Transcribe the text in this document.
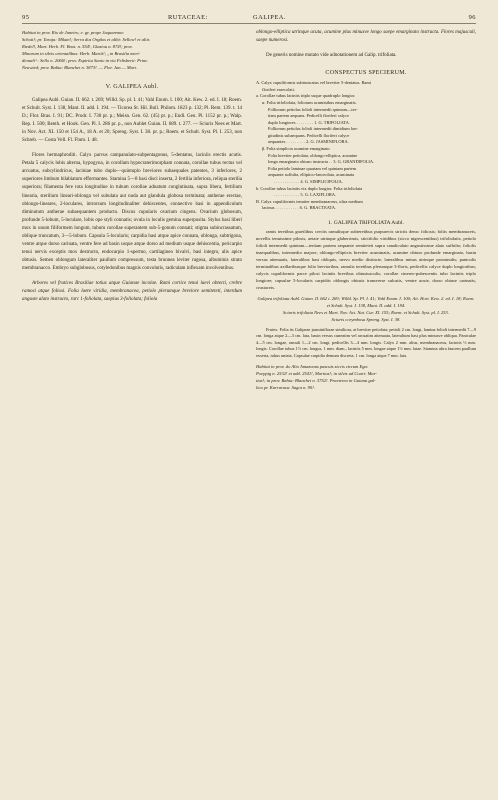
95	RUTACEAE:	GALIPEA.	96
Habitat in prov. Rio de Janeiro, e. gr. prope Jaquarema:
Schott!; pr. Taruja: Mikan!; Serra dos Orgãos et alibi: Sellow! et aliis
Riedel!, Mart. Herb. Fl. Bras. n. 554!, Glaziou n. 874!; prov.
Minarum in silvis orientalibus: Herb. Martii!; „in Brasilia meri-
dionali“: Sello n. 2066!; prov. Espiritu Santo in via Felisberti: Princ.
Neuwied; prov. Bahia: Blanchet n. 3873!. — Flor. Jan.— Mart.
V. GALIPEA Aubl.

Galipea Aubl. Guian. II. 662. t. 269; Willd. Sp. pl. I. 41; Vahl Enum. I. 100; Ait. Kew. 2. ed. I. 18; Roem. et Schult. Syst. I. 138, Mant. II. add. I. 194. — Ticorea St. Hil. Bull. Philom. 1823 p. 132; Pl. Rem. 139. t. 14 D.; Flor. Bras. I. 91; DC. Prodr. I. 730 pr. p.; Meisn. Gen. 62. (45) pr. p.; Endl. Gen. Pl. 1152 pr. p.; Walp. Rep. I. 500; Benth. et Hook. Gen. Pl. I. 286 pr. p., non Aublet Guian. II. 689. t. 277. — Sciuris Nees et Mart. in Nov. Act. XI. 150 et 154 A., 18 A. et 20; Spreng. Syst. I. 38. pr. p.; Roem. et Schult. Syst. Pl. I. 253, non Schreb. — Costa Vell. Fl. Flum. I. 48.

Flores hermaphroditi. Calyx parvus campanulato-subpentagonus, 5-dentatus, laciniis erectis acutis. Petala 5 calycis lobis alterna, hypogyna, in corollam hypocraterimorpham connata, corollae tubus rectus vel arcuatus, subcylindricus, laciniae tubo duplo—quintuplo breviores subaequales patentes, 3 inferiores, 2 superiores limbum bilabiatum efformantes. Stamina 5—8 basi disci inserta, 2 fertilia inferiora, reliqua sterilia superiora; filamenta fere tota longitudine in tubum corollae adnatum conglutinata, supra libera, fertilium linearia, sterilium lineari-oblonga vel subulata aut nuda aut glandula globosa terminata; antherae erectae, oblongo-lineares, 2-loculares, introrsum longitudinaliter dehiscentes, connectivo basi in appendiculum diminutum antherae subaequantem producto. Discus cupularis ovarium cingens. Ovarium globosum, profunde 5-lobum, 5-loculare, lobis ope styli connatis; ovula in loculis gemina superposita. Stylus basi liberi mox in unum filiformem longum, tubum corollae superantem sub-5-gonum connati; stigma subincrassatum, oblique truncatum, 3—5-lobum. Capsula 5-locularis; carpidia basi atque apice connata, oblonga, subtrigona, ventre atque dorso carinata, ventre fere ad basin usque atque dorso ad medium usque dehiscentia, pericarpio tenui nervis exceptis mox destructo, endocarpio 1-spermo, cartilagineo bivalvi, basi integro, alis apice obtusis. Semen oblongum lateraliter paullum compressum, testa brunnea leviter rugosa, albuminis strato membranacco. Embryo subglobosus, cotyledonibus magnis convolutis, radiculam inflexam involventibus.

Arbores vel frutices Brasiliae totius atque Guianae incolae. Rami cortice tenui laevi obtecti, crebre ramosi atque foliosi. Folia laete viridia, membranacea, petiolo plerumque breviore semiteteti, interdum anguste alato instructo, rarc 1-foliolata, saepius 3-foliolata; foliola

oblongo-elliptica utrinque acuta, acumine plus minusve longo saepe emarginato instructa. Flores majusculi, saepe numerosi.

De generis nomine mutato vide adnotationem ad Galip. trifoliata.

CONSPECTUS SPECIERUM.
A. Calyx cupuliformis subtruncatus vel breviter 5-dentatus. Rami
floriferi eraecolati.
a. Corollae tubus laciniis triplo usque quadruplo longior.
α. Folia trifoliolata, foliorum acuminibus emarginatis.
Folliorum petiolus folioli intermedii quintam—ter-
tiam partem aequans. Pedicelli floriferi calyce
duplo longiores . . . . . . . . 1. G. TRIFOLIATA.
Folliorum petiolus folioli intermedii dimidium lon-
gitudinis subaequans. Pedicelli floriferi calyce
aequantes . . . . . . . . . 2. G. JASMINIFLORA.
β. Folia simplicia acumine emarginato.
Folia breviter petiolata, oblongo-elliptica, acumine
longo emarginato obtuso instructa . . 3. G. GRANDIFOLIA.
Folia petiolo laminae quartam vel quintam partem
aequante suffulta, elliptico-lanceolata, acuminata
. . . . . . . . . . . . 4. G. SIMPLICIFOLIA.
b. Corollae tubus laciniis vix duplo longior. Folia trifoliolata
. . . . . . . . . . . . 5. G. LAXIFLORA.
B. Calyx cupuliformis tenuiter membranaceus, ultra medium
lacinus . . . . . . . . . . . 6. G. BRACTEATA.
1. GALIPEA TRIFOLIATA Aubl.

ramis teretibus graeilibus crectis ramulisque subteretibus purpurecis strictis densc foliosis; foliis membranaceis, novellis tenuissime pilosis, aetate utrinque glaberrimis, stictifolio viridibus (sicco nigrescentibus) trifoliolatis, petiolo folioli intermedii quintam—tertiam partem aequante semiteteti supra canaliculato angustissime alato suffulto; foliolis inaequalibus, intermedio majore, oblongo-ellipticis breviter acuminatis, acumine obtuso profunde emarginato, basin versus attenuatis, lateralibus basi obliquis, nervo medio distincte, lateralibus minus utrinque prominulis; paniculis terminalibus axillaribusque folio brevioribus, ramulis teretibus plerumque 3-floris, pedicellis calyce duplo longioribus; calycis cupuliformis parce pilosi laciniis brevibus obtusiusculis; corollae cinereo-pubescentis tubo laciniis triplo longiore; capsulae 5-locularis carpidiis oblongis obtusis transverse sulcatis, ventre acute, dorso obtuse carinatis, crustaceis.

Galipea trifoliata Aubl. Guian. II. 662 t. 269; Willd. Sp. Pl. I. 41; Vahl Enum. I. 100; Ait. Hort. Kew. 2. ed. I. 18; Roem. et Schult. Syst. I. 138, Mant. II. add. I. 194.
Sciuris trifoliata Nees et Mart. Nov. Act. Nat. Cur. XI. 155; Roem. et Schult. Syst. pl. I. 253.
Sciuris corymbosa Spreng. Syst. I. 38.

Frutex. Folia iis Galipeae jasminiflorae similiora, at breviter petiolata; petioli 2 cm. longi, lamina folioli intermedii 7—9 cm. longa atque 2—3 cm. lata, basin versus cuneatim vel arcuatim attenuata, lateralium basi plus minusve obliqua. Paniculae 4—5 cm. longae, ramuli 1—2 cm. longi, pedicellis 3—4 mm. longis. Calyx 2 mm. altus, membranaceus, laciniis ½ mm. longis. Corollae tubus 1½ cm. longus, 1 mm. diam., laciniis 5 mm. longae atque 1½ mm. latae. Stamina ultra faucem paullum exserta, tubus uniata. Capsulae carpidia demum discreta, 1 cm. longa atque 7 mm. lata.

Habitat in prov. do Alto Amazonas pascuis siccis circum Ega:
Poeppig n. 2532! et add. 2541!, Martius!; in silvis ad Coari: Mar-
tius!; in prov. Bahia: Blanchet n. 3752!. Praeterea in Guiana gal-
lica pr. Kurrurusu: Sagot n. 90!.
